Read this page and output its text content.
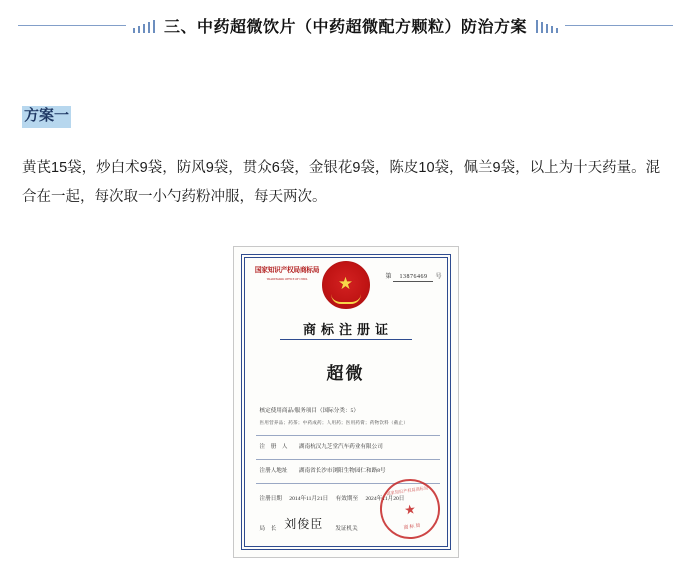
三、中药超微饮片（中药超微配方颗粒）防治方案
方案一
黄芪15袋，炒白术9袋，防风9袋，贯众6袋，金银花9袋，陈皮10袋，佩兰9袋，以上为十天药量。混合在一起，每次取一小勺药粉冲服，每天两次。
国家知识产权局商标局
TRADEMARK OFFICE OF CNIPA	★	第 13876469 号
商标注册证
超微
核定使用商品/服务项目（国际分类：5）
医用营养品；药茶；中药成药；人用药；医用药膏；药物饮料（截止）
注　册　人 湖南杭汉九芝堂汽车药业有限公司
注册人地址 湖南省长沙市浏阳生物园仁和路8号
注册日期 2014年11月21日 有效期至 2024年11月20日
局　长 刘俊臣 发证机关
国家知识产权局商标局
★
商标局
